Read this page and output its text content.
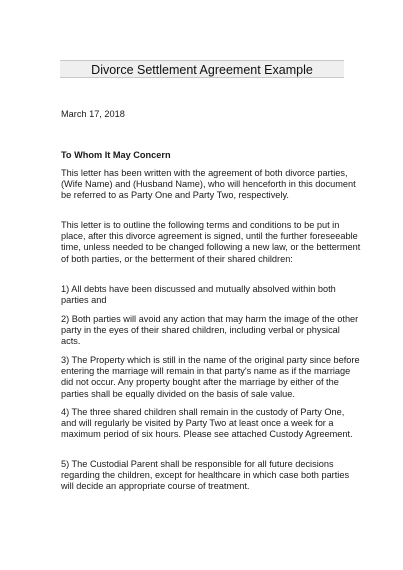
Divorce Settlement Agreement Example

March 17, 2018

To Whom It May Concern

This letter has been written with the agreement of both divorce parties, (Wife Name) and (Husband Name), who will henceforth in this document be referred to as Party One and Party Two, respectively.

This letter is to outline the following terms and conditions to be put in place, after this divorce agreement is signed, until the further foreseeable time, unless needed to be changed following a new law, or the betterment of both parties, or the betterment of their shared children:

1) All debts have been discussed and mutually absolved within both parties and

2) Both parties will avoid any action that may harm the image of the other party in the eyes of their shared children, including verbal or physical acts.

3) The Property which is still in the name of the original party since before entering the marriage will remain in that party's name as if the marriage did not occur. Any property bought after the marriage by either of the parties shall be equally divided on the basis of sale value.

4) The three shared children shall remain in the custody of Party One, and will regularly be visited by Party Two at least once a week for a maximum period of six hours. Please see attached Custody Agreement.

5) The Custodial Parent shall be responsible for all future decisions regarding the children, except for healthcare in which case both parties will decide an appropriate course of treatment.
